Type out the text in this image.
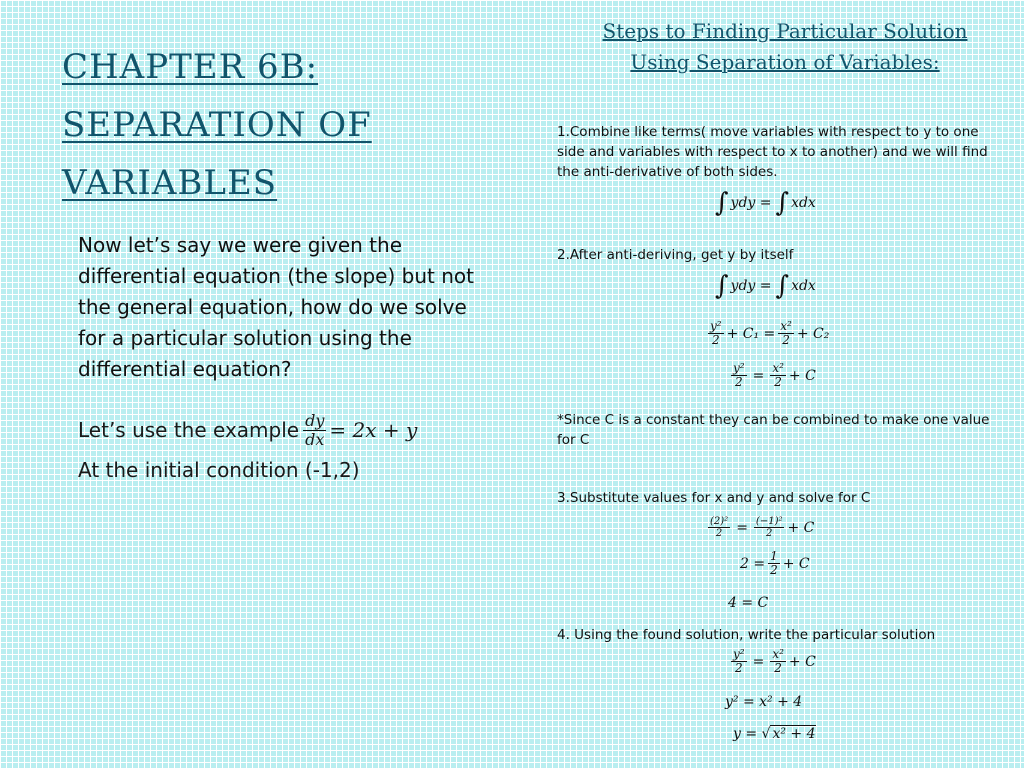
CHAPTER 6B:
SEPARATION OF
VARIABLES
Now let’s say we were given the differential equation (the slope) but not the general equation, how do we solve for a particular solution using the differential equation?
Let’s use the example $\frac{dy}{dx} = 2x + y$
At the initial condition (-1,2)
Steps to Finding Particular Solution
Using Separation of Variables:
1.Combine like terms( move variables with respect to y to one side and variables with respect to x to another) and we will find the anti-derivative of both sides.
∫ ydy = ∫ xdx
2.After anti-deriving, get y by itself
∫ ydy = ∫ xdx
$\frac{\text{y²}}{2} + C_1 = \frac{\text{x²}}{2} + C_2$
$\frac{\text{y²}}{2} = \frac{\text{x²}}{2} + C$
*Since C is a constant they can be combined to make one value for C
3.Substitute values for x and y and solve for C
$\frac{\text{(2)²}}{2} = \frac{\text{(−1)²}}{2} + C$
$2 = \frac{1}{2} + C$
4 = C
4. Using the found solution, write the particular solution
$\frac{\text{y²}}{2} = \frac{\text{x²}}{2} + C$
y² = x² + 4
y = √ x² + 4
